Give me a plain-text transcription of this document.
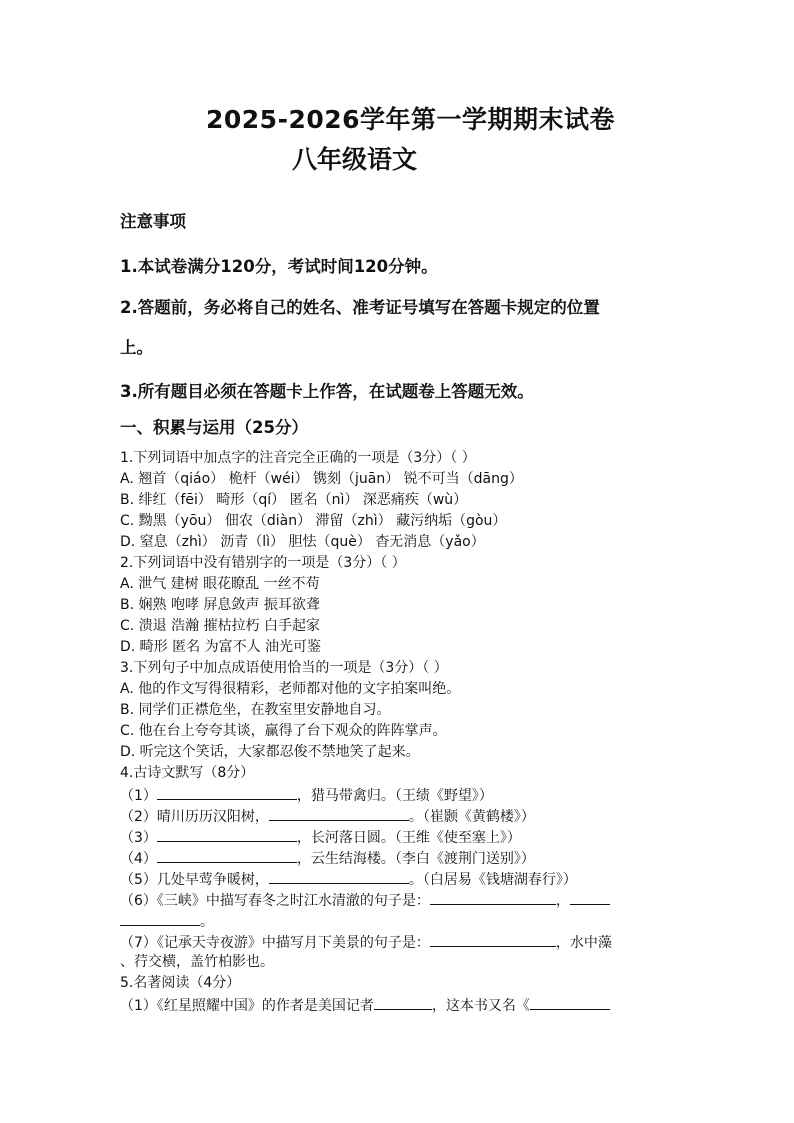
2025-2026学年第一学期期末试卷
八年级语文
注意事项
1.本试卷满分120分，考试时间120分钟。
2.答题前，务必将自己的姓名、准考证号填写在答题卡规定的位置
上。
3.所有题目必须在答题卡上作答，在试题卷上答题无效。
一、积累与运用（25分）
1.下列词语中加点字的注音完全正确的一项是（3分）（ ）
A. 翘首（qiáo） 桅杆（wéi） 镌刻（juān） 锐不可当（dāng）
B. 绯红（fēi） 畸形（qí） 匿名（nì） 深恶痛疾（wù）
C. 黝黑（yōu） 佃农（diàn） 滞留（zhì） 藏污纳垢（gòu）
D. 窒息（zhì） 沥青（lì） 胆怯（què） 杳无消息（yǎo）
2.下列词语中没有错别字的一项是（3分）（ ）
A. 泄气 建树 眼花瞭乱 一丝不苟
B. 娴熟 咆哮 屏息敛声 振耳欲聋
C. 溃退 浩瀚 摧枯拉朽 白手起家
D. 畸形 匿名 为富不人 油光可鉴
3.下列句子中加点成语使用恰当的一项是（3分）（ ）
A. 他的作文写得很精彩，老师都对他的文字拍案叫绝。
B. 同学们正襟危坐，在教室里安静地自习。
C. 他在台上夸夸其谈，赢得了台下观众的阵阵掌声。
D. 听完这个笑话，大家都忍俊不禁地笑了起来。
4.古诗文默写（8分）
（1）	，猎马带禽归。（王绩《野望》）
（2）晴川历历汉阳树，	。（崔颢《黄鹤楼》）
（3）	，长河落日圆。（王维《使至塞上》）
（4）	，云生结海楼。（李白《渡荆门送别》）
（5）几处早莺争暖树，	。（白居易《钱塘湖春行》）
（6）《三峡》中描写春冬之时江水清澈的句子是：	，
。
（7）《记承天寺夜游》中描写月下美景的句子是：	，水中藻
、荇交横，盖竹柏影也。
5.名著阅读（4分）
（1）《红星照耀中国》的作者是美国记者	，这本书又名《
